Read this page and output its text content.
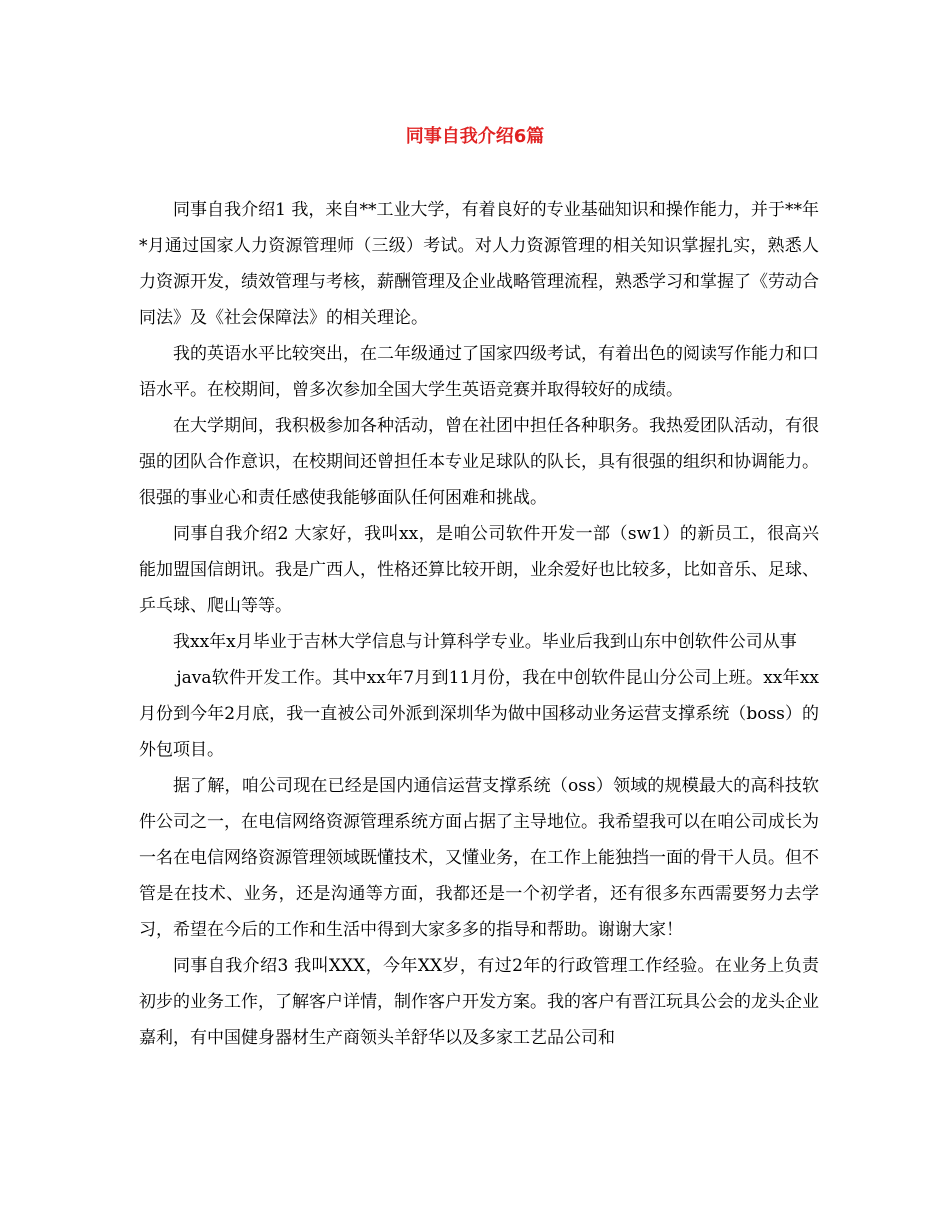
同事自我介绍6篇

同事自我介绍1 我，来自**工业大学，有着良好的专业基础知识和操作能力，并于**年*月通过国家人力资源管理师（三级）考试。对人力资源管理的相关知识掌握扎实，熟悉人力资源开发，绩效管理与考核，薪酬管理及企业战略管理流程，熟悉学习和掌握了《劳动合同法》及《社会保障法》的相关理论。

我的英语水平比较突出，在二年级通过了国家四级考试，有着出色的阅读写作能力和口语水平。在校期间，曾多次参加全国大学生英语竞赛并取得较好的成绩。

在大学期间，我积极参加各种活动，曾在社团中担任各种职务。我热爱团队活动，有很强的团队合作意识，在校期间还曾担任本专业足球队的队长，具有很强的组织和协调能力。很强的事业心和责任感使我能够面队任何困难和挑战。

同事自我介绍2 大家好，我叫xx，是咱公司软件开发一部（sw1）的新员工，很高兴能加盟国信朗讯。我是广西人，性格还算比较开朗，业余爱好也比较多，比如音乐、足球、乒乓球、爬山等等。

我xx年x月毕业于吉林大学信息与计算科学专业。毕业后我到山东中创软件公司从事

java软件开发工作。其中xx年7月到11月份，我在中创软件昆山分公司上班。xx年xx月份到今年2月底，我一直被公司外派到深圳华为做中国移动业务运营支撑系统（boss）的外包项目。

据了解，咱公司现在已经是国内通信运营支撑系统（oss）领域的规模最大的高科技软件公司之一，在电信网络资源管理系统方面占据了主导地位。我希望我可以在咱公司成长为一名在电信网络资源管理领域既懂技术，又懂业务，在工作上能独挡一面的骨干人员。但不管是在技术、业务，还是沟通等方面，我都还是一个初学者，还有很多东西需要努力去学习，希望在今后的工作和生活中得到大家多多的指导和帮助。谢谢大家！

同事自我介绍3 我叫XXX，今年XX岁，有过2年的行政管理工作经验。在业务上负责初步的业务工作，了解客户详情，制作客户开发方案。我的客户有晋江玩具公会的龙头企业嘉利，有中国健身器材生产商领头羊舒华以及多家工艺品公司和
